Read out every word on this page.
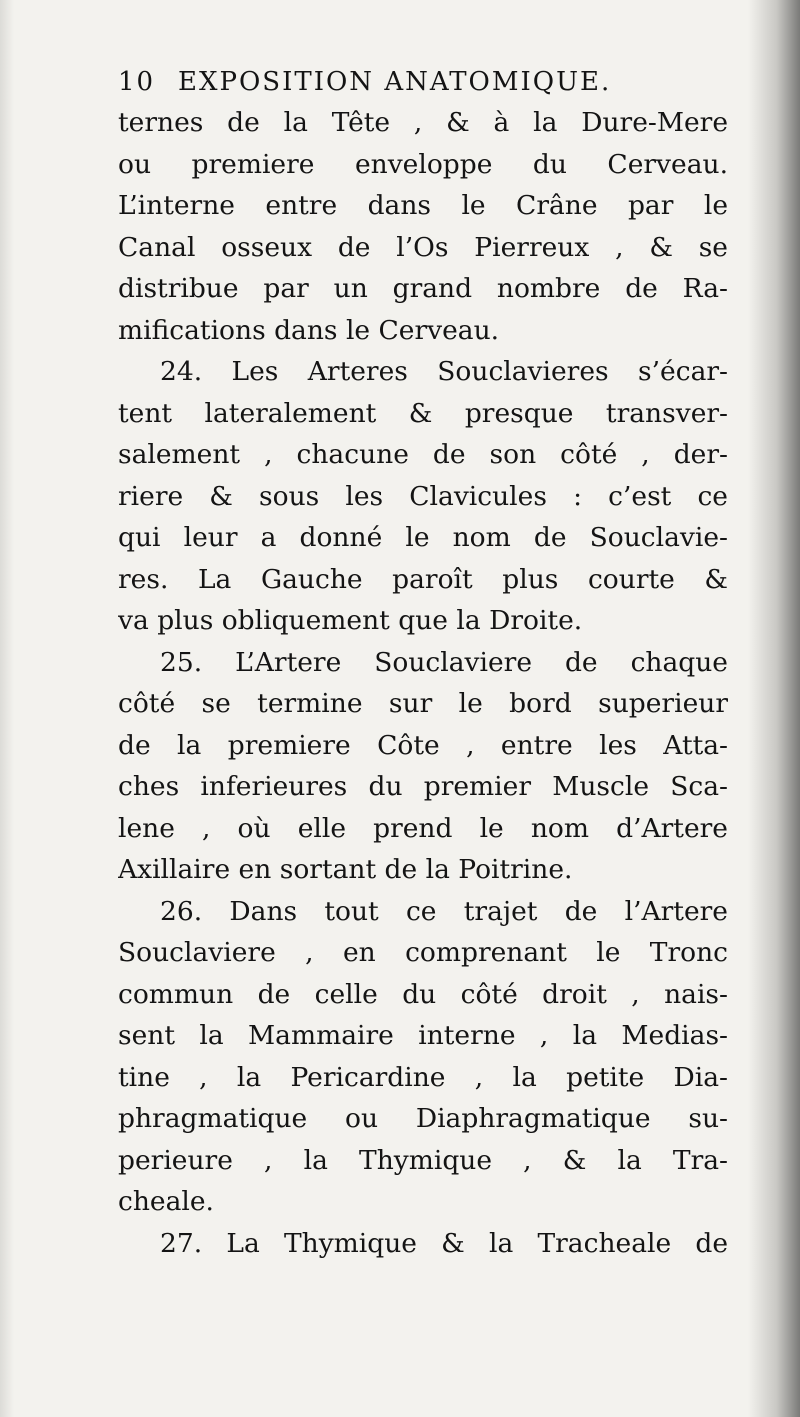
10 EXPOSITION ANATOMIQUE.
ternes de la Tête , & à la Dure-Mere
ou premiere enveloppe du Cerveau.
L’interne entre dans le Crâne par le
Canal osseux de l’Os Pierreux , & se
distribue par un grand nombre de Ra-
mifications dans le Cerveau.
24. Les Arteres Souclavieres s’écar-
tent lateralement & presque transver-
salement , chacune de son côté , der-
riere & sous les Clavicules : c’est ce
qui leur a donné le nom de Souclavie-
res. La Gauche paroît plus courte &
va plus obliquement que la Droite.
25. L’Artere Souclaviere de chaque
côté se termine sur le bord superieur
de la premiere Côte , entre les Atta-
ches inferieures du premier Muscle Sca-
lene , où elle prend le nom d’Artere
Axillaire en sortant de la Poitrine.
26. Dans tout ce trajet de l’Artere
Souclaviere , en comprenant le Tronc
commun de celle du côté droit , nais-
sent la Mammaire interne , la Medias-
tine , la Pericardine , la petite Dia-
phragmatique ou Diaphragmatique su-
perieure , la Thymique , & la Tra-
cheale.
27. La Thymique & la Tracheale de
